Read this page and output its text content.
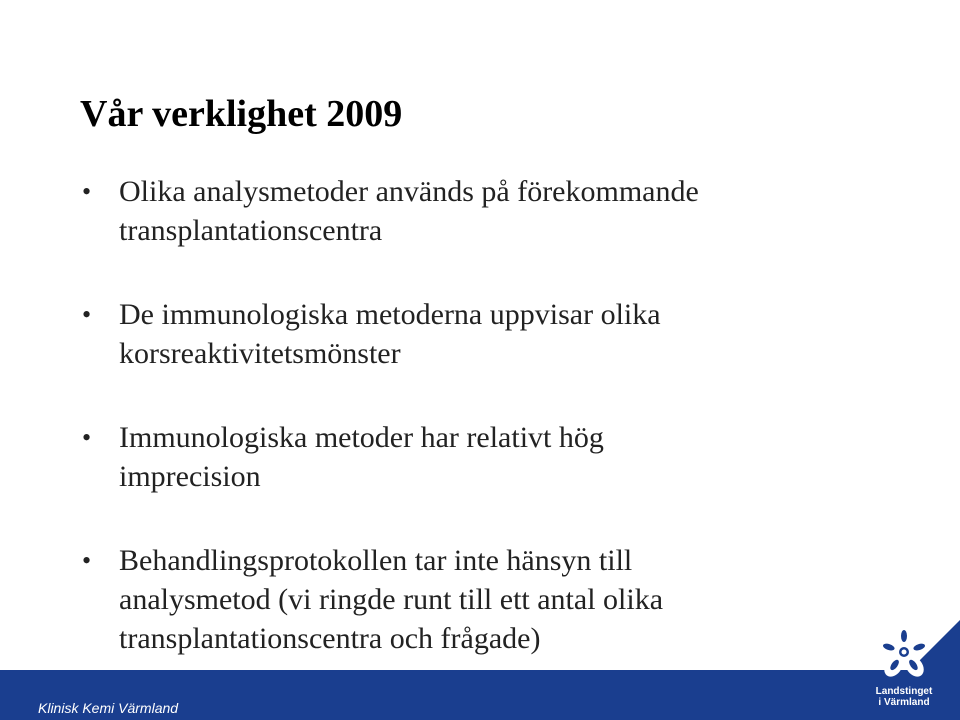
Vår verklighet 2009
• Olika analysmetoder används på förekommande
transplantationscentra
• De immunologiska metoderna uppvisar olika
korsreaktivitetsmönster
• Immunologiska metoder har relativt hög
imprecision
• Behandlingsprotokollen tar inte hänsyn till
analysmetod (vi ringde runt till ett antal olika
transplantationscentra och frågade)
Klinisk Kemi Värmland
Landstinget
i Värmland
